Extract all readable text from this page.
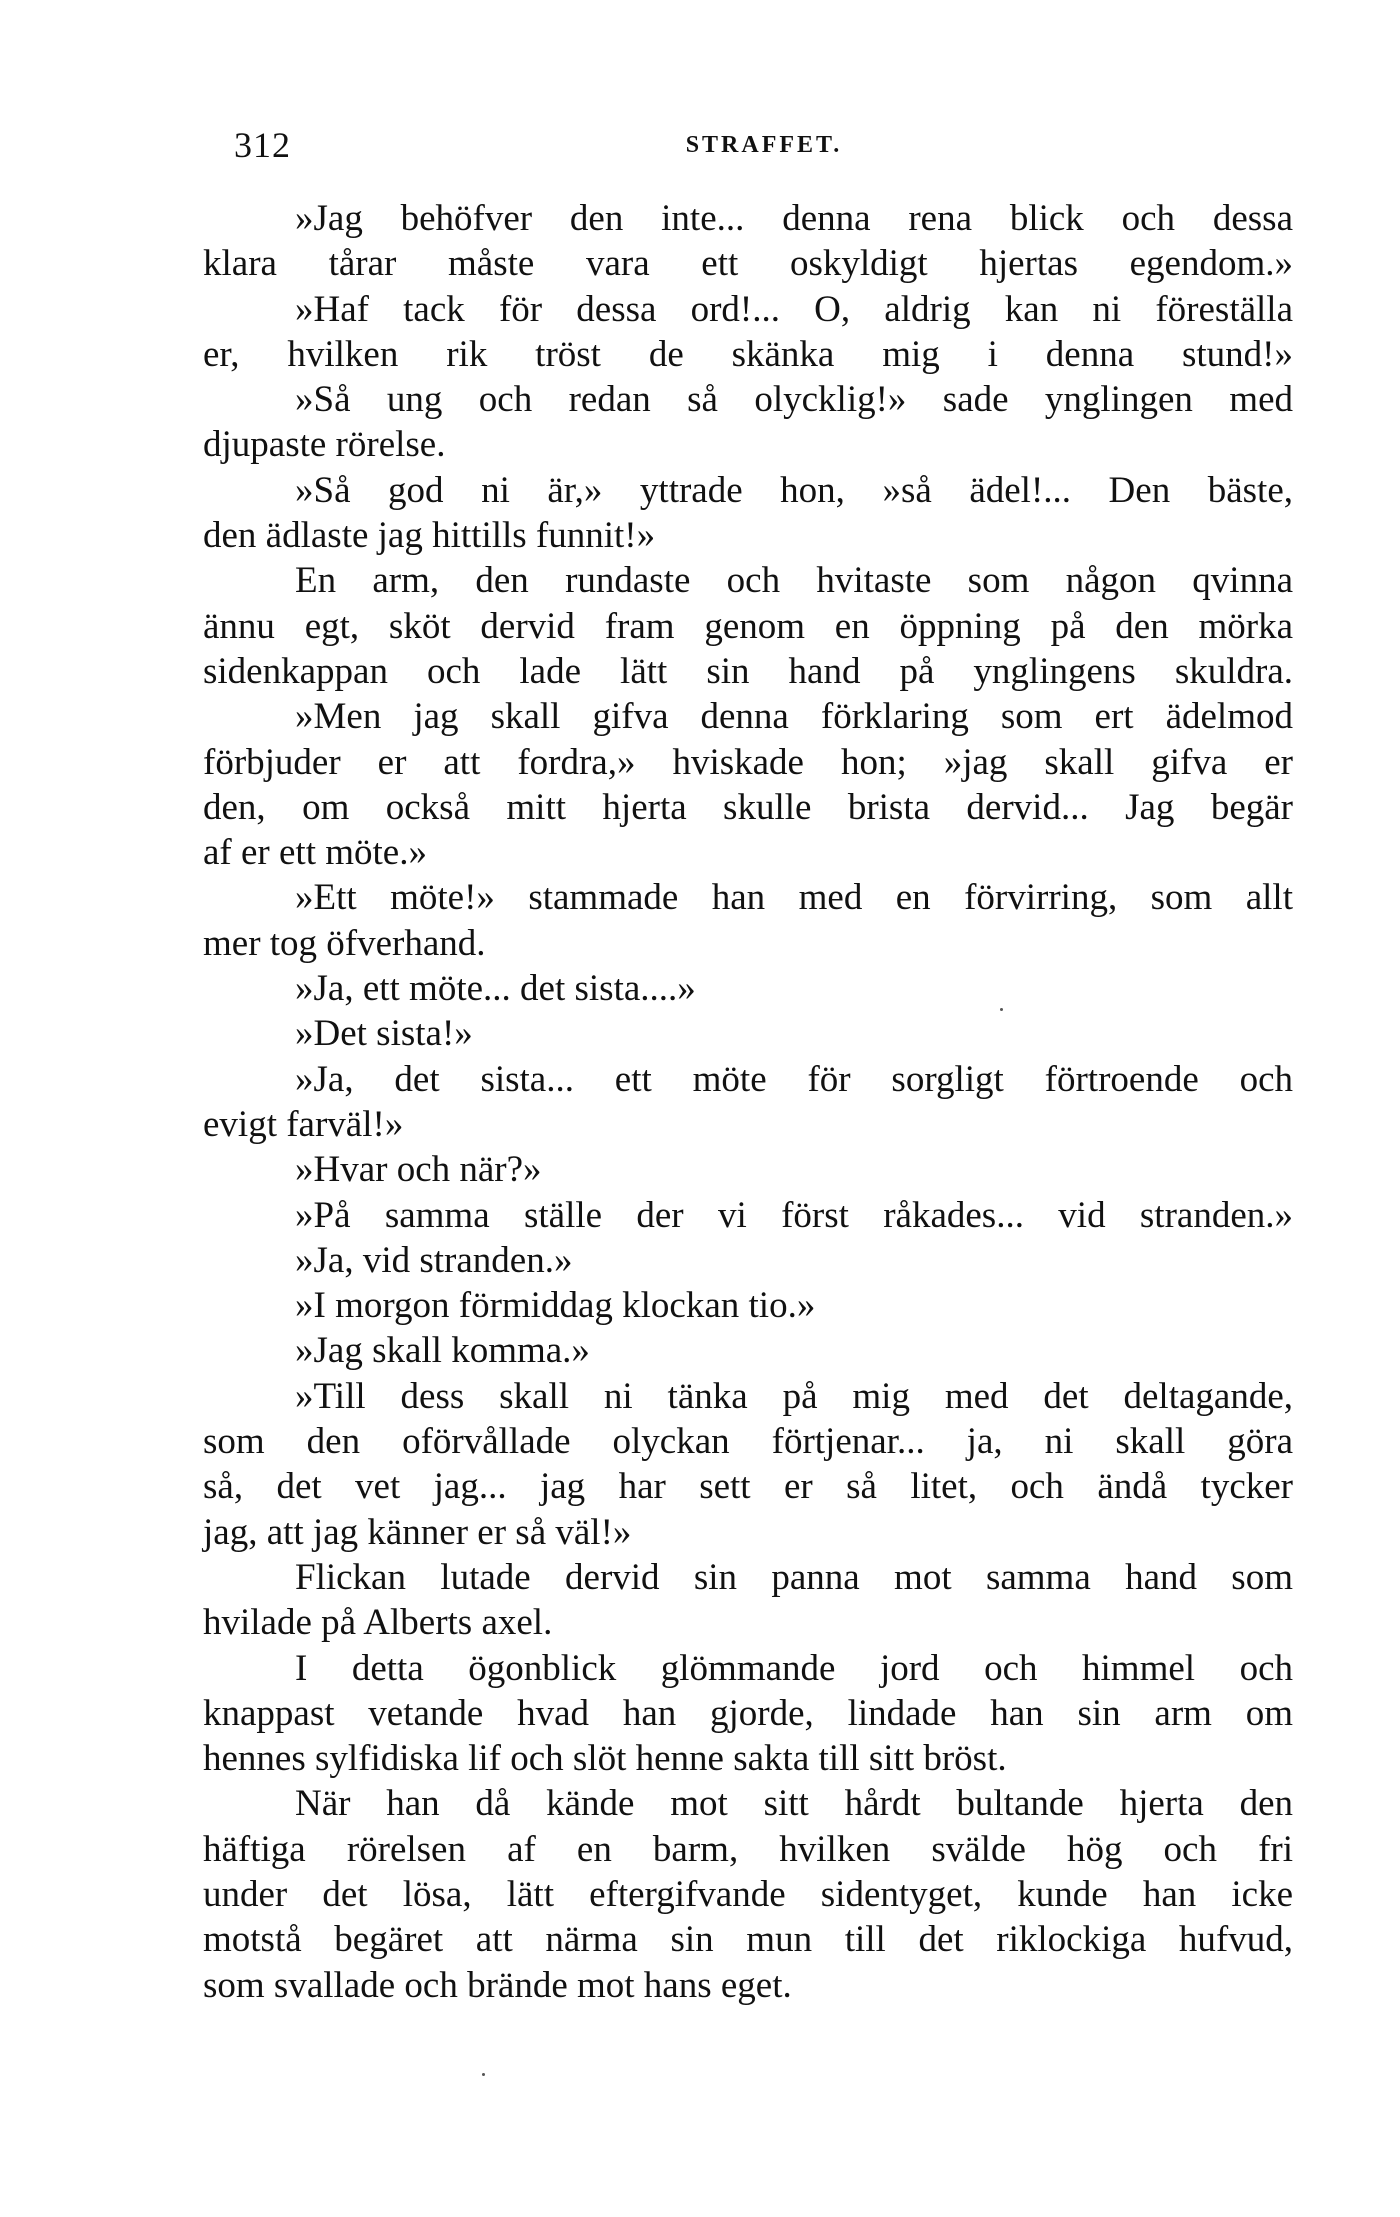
312	STRAFFET.
»Jag behöfver den inte... denna rena blick och dessa
klara tårar måste vara ett oskyldigt hjertas egendom.»
»Haf tack för dessa ord!... O, aldrig kan ni föreställa
er, hvilken rik tröst de skänka mig i denna stund!»
»Så ung och redan så olycklig!» sade ynglingen med
djupaste rörelse.
»Så god ni är,» yttrade hon, »så ädel!... Den bäste,
den ädlaste jag hittills funnit!»
En arm, den rundaste och hvitaste som någon qvinna
ännu egt, sköt dervid fram genom en öppning på den mörka
sidenkappan och lade lätt sin hand på ynglingens skuldra.
»Men jag skall gifva denna förklaring som ert ädelmod
förbjuder er att fordra,» hviskade hon; »jag skall gifva er
den, om också mitt hjerta skulle brista dervid... Jag begär
af er ett möte.»
»Ett möte!» stammade han med en förvirring, som allt
mer tog öfverhand.
»Ja, ett möte... det sista....»
»Det sista!»
»Ja, det sista... ett möte för sorgligt förtroende och
evigt farväl!»
»Hvar och när?»
»På samma ställe der vi först råkades... vid stranden.»
»Ja, vid stranden.»
»I morgon förmiddag klockan tio.»
»Jag skall komma.»
»Till dess skall ni tänka på mig med det deltagande,
som den oförvållade olyckan förtjenar... ja, ni skall göra
så, det vet jag... jag har sett er så litet, och ändå tycker
jag, att jag känner er så väl!»
Flickan lutade dervid sin panna mot samma hand som
hvilade på Alberts axel.
I detta ögonblick glömmande jord och himmel och
knappast vetande hvad han gjorde, lindade han sin arm om
hennes sylfidiska lif och slöt henne sakta till sitt bröst.
När han då kände mot sitt hårdt bultande hjerta den
häftiga rörelsen af en barm, hvilken svälde hög och fri
under det lösa, lätt eftergifvande sidentyget, kunde han icke
motstå begäret att närma sin mun till det riklockiga hufvud,
som svallade och brände mot hans eget.
